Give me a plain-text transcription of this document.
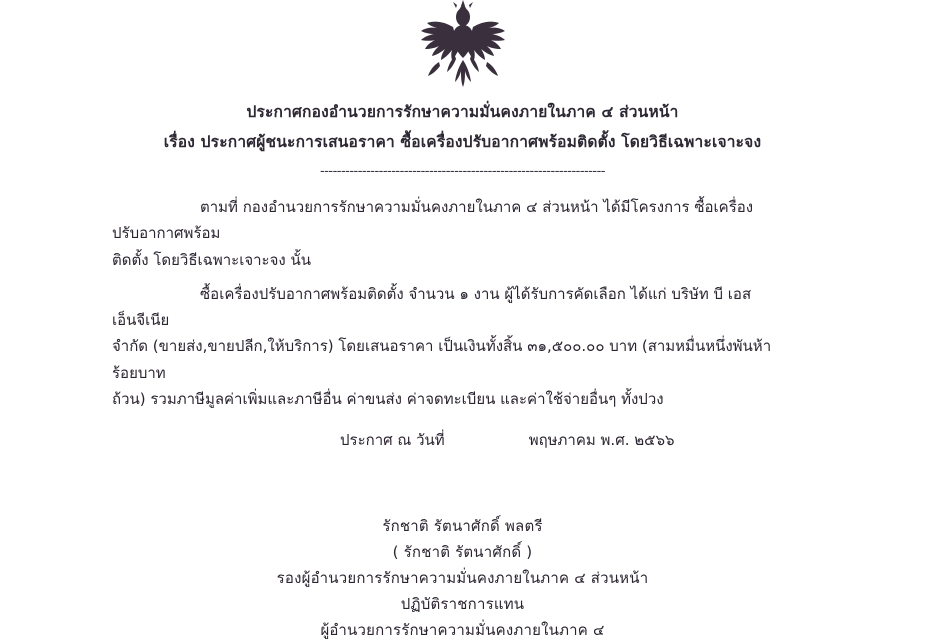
ประกาศกองอำนวยการรักษาความมั่นคงภายในภาค ๔ ส่วนหน้า
เรื่อง ประกาศผู้ชนะการเสนอราคา ซื้อเครื่องปรับอากาศพร้อมติดตั้ง โดยวิธีเฉพาะเจาะจง
--------------------------------------------------------------------
ตามที่ กองอำนวยการรักษาความมั่นคงภายในภาค ๔ ส่วนหน้า ได้มีโครงการ ซื้อเครื่องปรับอากาศพร้อม
ติดตั้ง โดยวิธีเฉพาะเจาะจง นั้น
ซื้อเครื่องปรับอากาศพร้อมติดตั้ง จำนวน ๑ งาน ผู้ได้รับการคัดเลือก ได้แก่ บริษัท บี เอส เอ็นจีเนีย
จำกัด (ขายส่ง,ขายปลีก,ให้บริการ) โดยเสนอราคา เป็นเงินทั้งสิ้น ๓๑,๕๐๐.๐๐ บาท (สามหมื่นหนึ่งพันห้าร้อยบาท
ถ้วน) รวมภาษีมูลค่าเพิ่มและภาษีอื่น ค่าขนส่ง ค่าจดทะเบียน และค่าใช้จ่ายอื่นๆ ทั้งปวง
ประกาศ ณ วันที่	พฤษภาคม พ.ศ. ๒๕๖๖
รักชาติ รัตนาศักดิ์ พลตรี
( รักชาติ รัตนาศักดิ์ )
รองผู้อำนวยการรักษาความมั่นคงภายในภาค ๔ ส่วนหน้า
ปฏิบัติราชการแทน
ผู้อำนวยการรักษาความมั่นคงภายในภาค ๔
